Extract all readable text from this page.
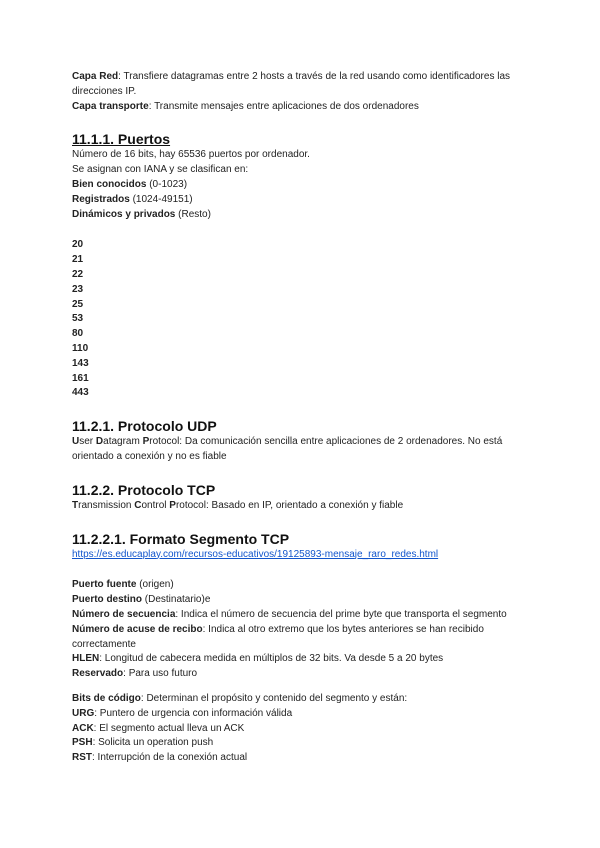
Capa Red: Transfiere datagramas entre 2 hosts a través de la red usando como identificadores las direcciones IP.

Capa transporte: Transmite mensajes entre aplicaciones de dos ordenadores

11.1.1. Puertos

Número de 16 bits, hay 65536 puertos por ordenador.

Se asignan con IANA y se clasifican en:

Bien conocidos (0-1023)

Registrados (1024-49151)

Dinámicos y privados (Resto)

20

21

22

23

25

53

80

110

143

161

443

11.2.1. Protocolo UDP

User Datagram Protocol: Da comunicación sencilla entre aplicaciones de 2 ordenadores. No está orientado a conexión y no es fiable

11.2.2. Protocolo TCP

Transmission Control Protocol: Basado en IP, orientado a conexión y fiable

11.2.2.1. Formato Segmento TCP

https://es.educaplay.com/recursos-educativos/19125893-mensaje_raro_redes.html

Puerto fuente (origen)

Puerto destino (Destinatario)e

Número de secuencia: Indica el número de secuencia del prime byte que transporta el segmento

Número de acuse de recibo: Indica al otro extremo que los bytes anteriores se han recibido correctamente

HLEN: Longitud de cabecera medida en múltiplos de 32 bits. Va desde 5 a 20 bytes

Reservado: Para uso futuro

Bits de código: Determinan el propósito y contenido del segmento y están:

URG: Puntero de urgencia con información válida

ACK: El segmento actual lleva un ACK

PSH: Solicita un operation push

RST: Interrupción de la conexión actual
